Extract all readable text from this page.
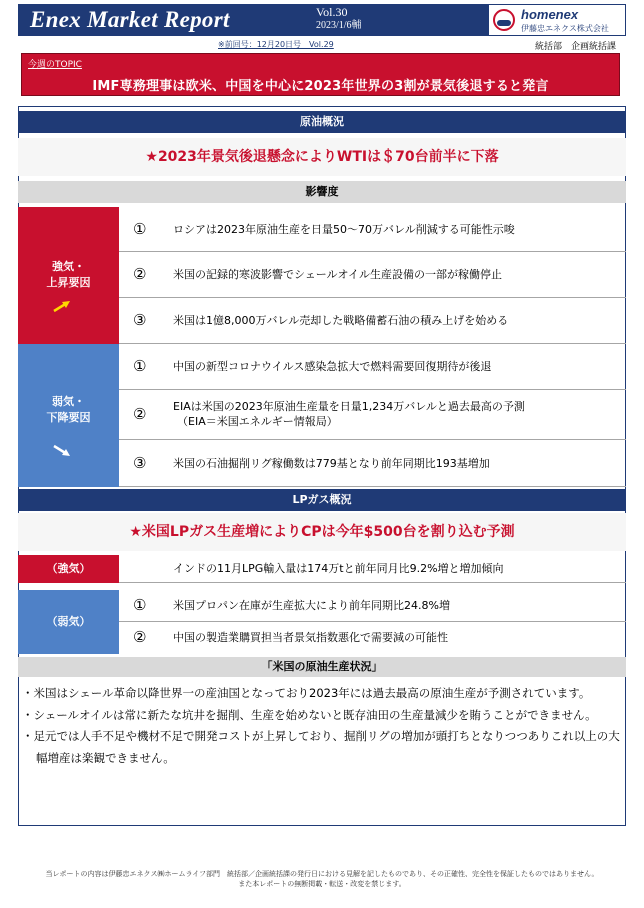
Enex Market Report	Vol.30
2023/1/6輔
homenex
伊藤忠エネクス株式会社
※前回号：12月20日号　Vol.29	統括部　企画統括課
今週のTOPIC
IMF専務理事は欧米、中国を中心に2023年世界の3割が景気後退すると発言
原油概況
★2023年景気後退懸念によりWTIは＄70台前半に下落
影響度
強気・
上昇要因
① ロシアは2023年原油生産を日量50〜70万バレル削減する可能性示唆
② 米国の記録的寒波影響でシェールオイル生産設備の一部が稼働停止
③ 米国は1億8,000万バレル売却した戦略備蓄石油の積み上げを始める
弱気・
下降要因
① 中国の新型コロナウイルス感染急拡大で燃料需要回復期待が後退
② EIAは米国の2023年原油生産量を日量1,234万バレルと過去最高の予測
（EIA＝米国エネルギー情報局）
③ 米国の石油掘削リグ稼働数は779基となり前年同期比193基増加
LPガス概況
★米国LPガス生産増によりCPは今年$500台を割り込む予測
（強気）	インドの11月LPG輸入量は174万tと前年同月比9.2%増と増加傾向
（弱気）
① 米国プロパン在庫が生産拡大により前年同期比24.8%増
② 中国の製造業購買担当者景気指数悪化で需要減の可能性
「米国の原油生産状況」
・米国はシェール革命以降世界一の産油国となっており2023年には過去最高の原油生産が予測されています。
・シェールオイルは常に新たな坑井を掘削、生産を始めないと既存油田の生産量減少を賄うことができません。
・足元では人手不足や機材不足で開発コストが上昇しており、掘削リグの増加が頭打ちとなりつつありこれ以上の大幅増産は楽観できません。
当レポートの内容は伊藤忠エネクス㈱ホームライフ部門　統括部／企画統括課の発行日における見解を記したものであり、その正確性、完全性を保証したものではありません。
また本レポートの無断掲載・転送・改変を禁じます。
